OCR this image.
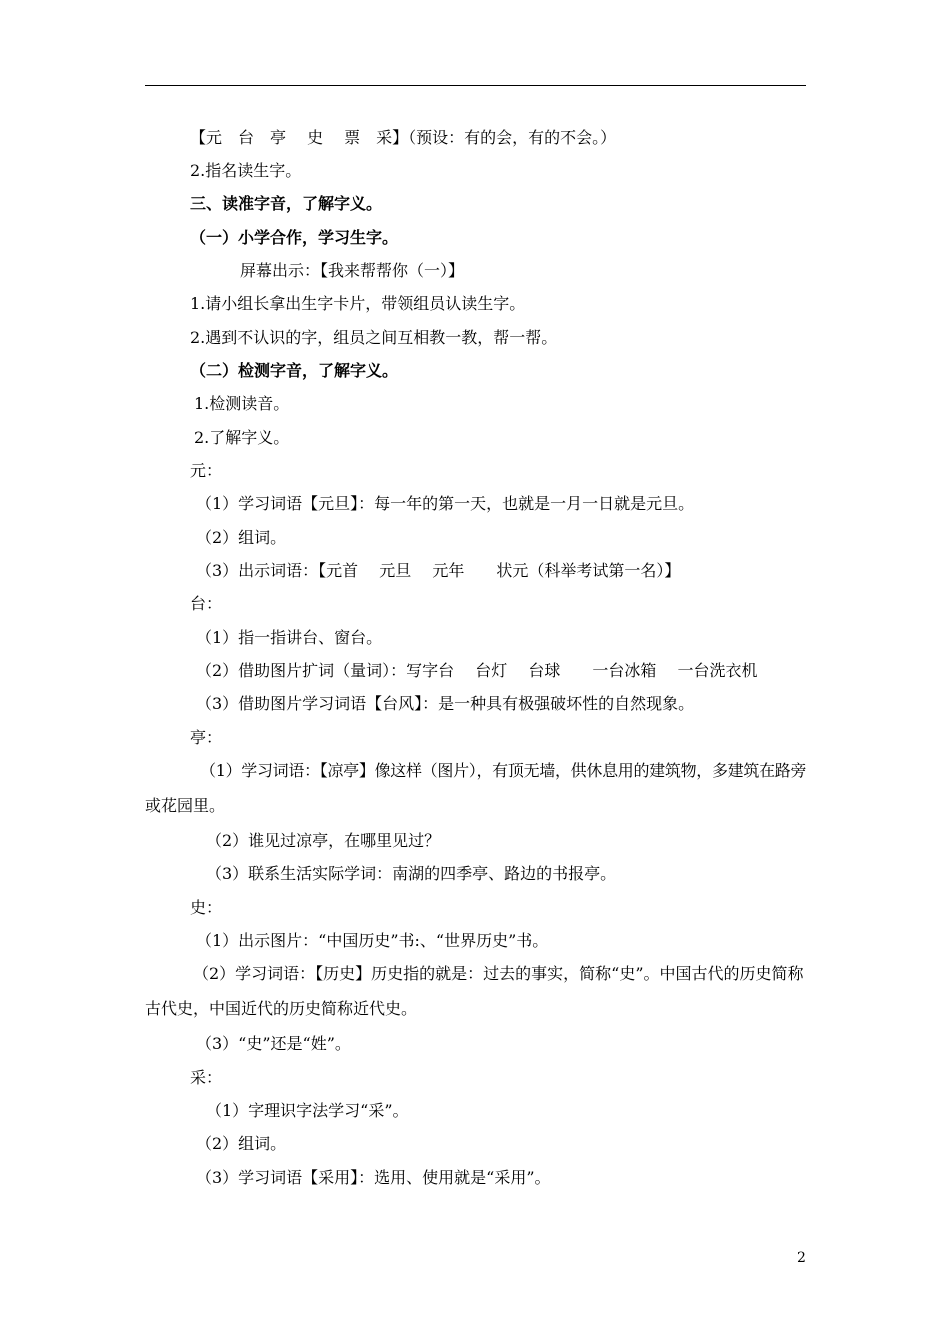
【元　台　亭　 史　 票　采】（预设：有的会，有的不会。）
2.指名读生字。
三、读准字音，了解字义。
（一）小学合作，学习生字。
屏幕出示：【我来帮帮你（一）】
1.请小组长拿出生字卡片，带领组员认读生字。
2.遇到不认识的字，组员之间互相教一教，帮一帮。
（二）检测字音，了解字义。
1.检测读音。
2.了解字义。
元：
（1）学习词语【元旦】：每一年的第一天，也就是一月一日就是元旦。
（2）组词。
（3）出示词语：【元首　 元旦　 元年　　状元（科举考试第一名）】
台：
（1）指一指讲台、窗台。
（2）借助图片扩词（量词）：写字台　 台灯　 台球　　一台冰箱　 一台洗衣机
（3）借助图片学习词语【台风】：是一种具有极强破坏性的自然现象。
亭：
（1）学习词语：【凉亭】像这样（图片），有顶无墙，供休息用的建筑物，多建筑在路旁
或花园里。
（2）谁见过凉亭，在哪里见过？
（3）联系生活实际学词：南湖的四季亭、路边的书报亭。
史：
（1）出示图片：“中国历史”书:、“世界历史”书。
（2）学习词语：【历史】历史指的就是：过去的事实，简称“史”。中国古代的历史简称
古代史，中国近代的历史简称近代史。
（3）“史”还是“姓”。
采：
（1）字理识字法学习“采”。
（2）组词。
（3）学习词语【采用】：选用、使用就是“采用”。
2
